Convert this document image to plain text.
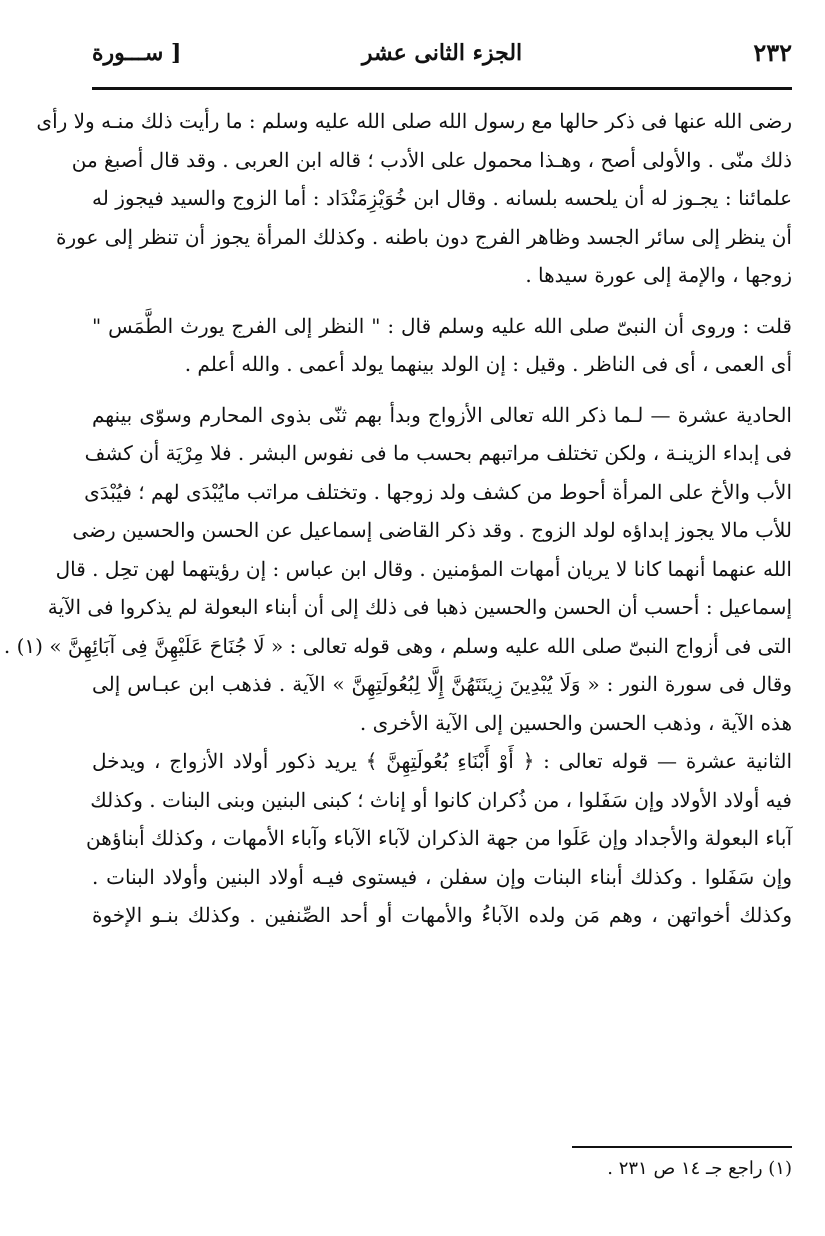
٢٣٢
الجزء الثانى عشر
[ ســـورة
رضى الله عنها فى ذكر حالها مع رسول الله صلى الله عليه وسلم : ما رأيت ذلك منـه ولا رأى
ذلك منّى . والأولى أصح ، وهـذا محمول على الأدب ؛ قاله ابن العربى . وقد قال أصبغ من
علمائنا : يجـوز له أن يلحسه بلسانه . وقال ابن خُوَيْزِمَنْدَاد : أما الزوج والسيد فيجوز له
أن ينظر إلى سائر الجسد وظاهر الفرج دون باطنه . وكذلك المرأة يجوز أن تنظر إلى عورة
زوجها ، والإمة إلى عورة سيدها .
قلت : وروى أن النبىّ صلى الله عليه وسلم قال : " النظر إلى الفرج يورث الطَّمَس "
أى العمى ، أى فى الناظر . وقيل : إن الولد بينهما يولد أعمى . والله أعلم .
الحادية عشرة — لـما ذكر الله تعالى الأزواج وبدأ بهم ثنّى بذوى المحارم وسوّى بينهم
فى إبداء الزينـة ، ولكن تختلف مراتبهم بحسب ما فى نفوس البشر . فلا مِرْيَة أن كشف
الأب والأخ على المرأة أحوط من كشف ولد زوجها . وتختلف مراتب مايُبْدَى لهم ؛ فيُبْدَى
للأب مالا يجوز إبداؤه لولد الزوج . وقد ذكر القاضى إسماعيل عن الحسن والحسين رضى
الله عنهما أنهما كانا لا يريان أمهات المؤمنين . وقال ابن عباس : إن رؤيتهما لهن تحِل . قال
إسماعيل : أحسب أن الحسن والحسين ذهبا فى ذلك إلى أن أبناء البعولة لم يذكروا فى الآية
التى فى أزواج النبىّ صلى الله عليه وسلم ، وهى قوله تعالى : « لَا جُنَاحَ عَلَيْهِنَّ فِى آبَائِهِنَّ » (١) .
وقال فى سورة النور : « وَلَا يُبْدِينَ زِينَتَهُنَّ إِلَّا لِبُعُولَتِهِنَّ » الآية . فذهب ابن عبـاس إلى
هذه الآية ، وذهب الحسن والحسين إلى الآية الأخرى .
الثانية عشرة — قوله تعالى : ﴿ أَوْ أَبْنَاءِ بُعُولَتِهِنَّ ﴾ يريد ذكور أولاد الأزواج ، ويدخل
فيه أولاد الأولاد وإن سَفَلوا ، من ذُكران كانوا أو إناث ؛ كبنى البنين وبنى البنات . وكذلك
آباء البعولة والأجداد وإن عَلَوا من جهة الذكران لآباء الآباء وآباء الأمهات ، وكذلك أبناؤهن
وإن سَفَلوا . وكذلك أبناء البنات وإن سفلن ، فيستوى فيـه أولاد البنين وأولاد البنات .
وكذلك أخواتهن ، وهم مَن ولده الآباءُ والأمهات أو أحد الصِّنفين . وكذلك بنـو الإخوة
(١) راجع جـ ١٤ ص ٢٣١ .
